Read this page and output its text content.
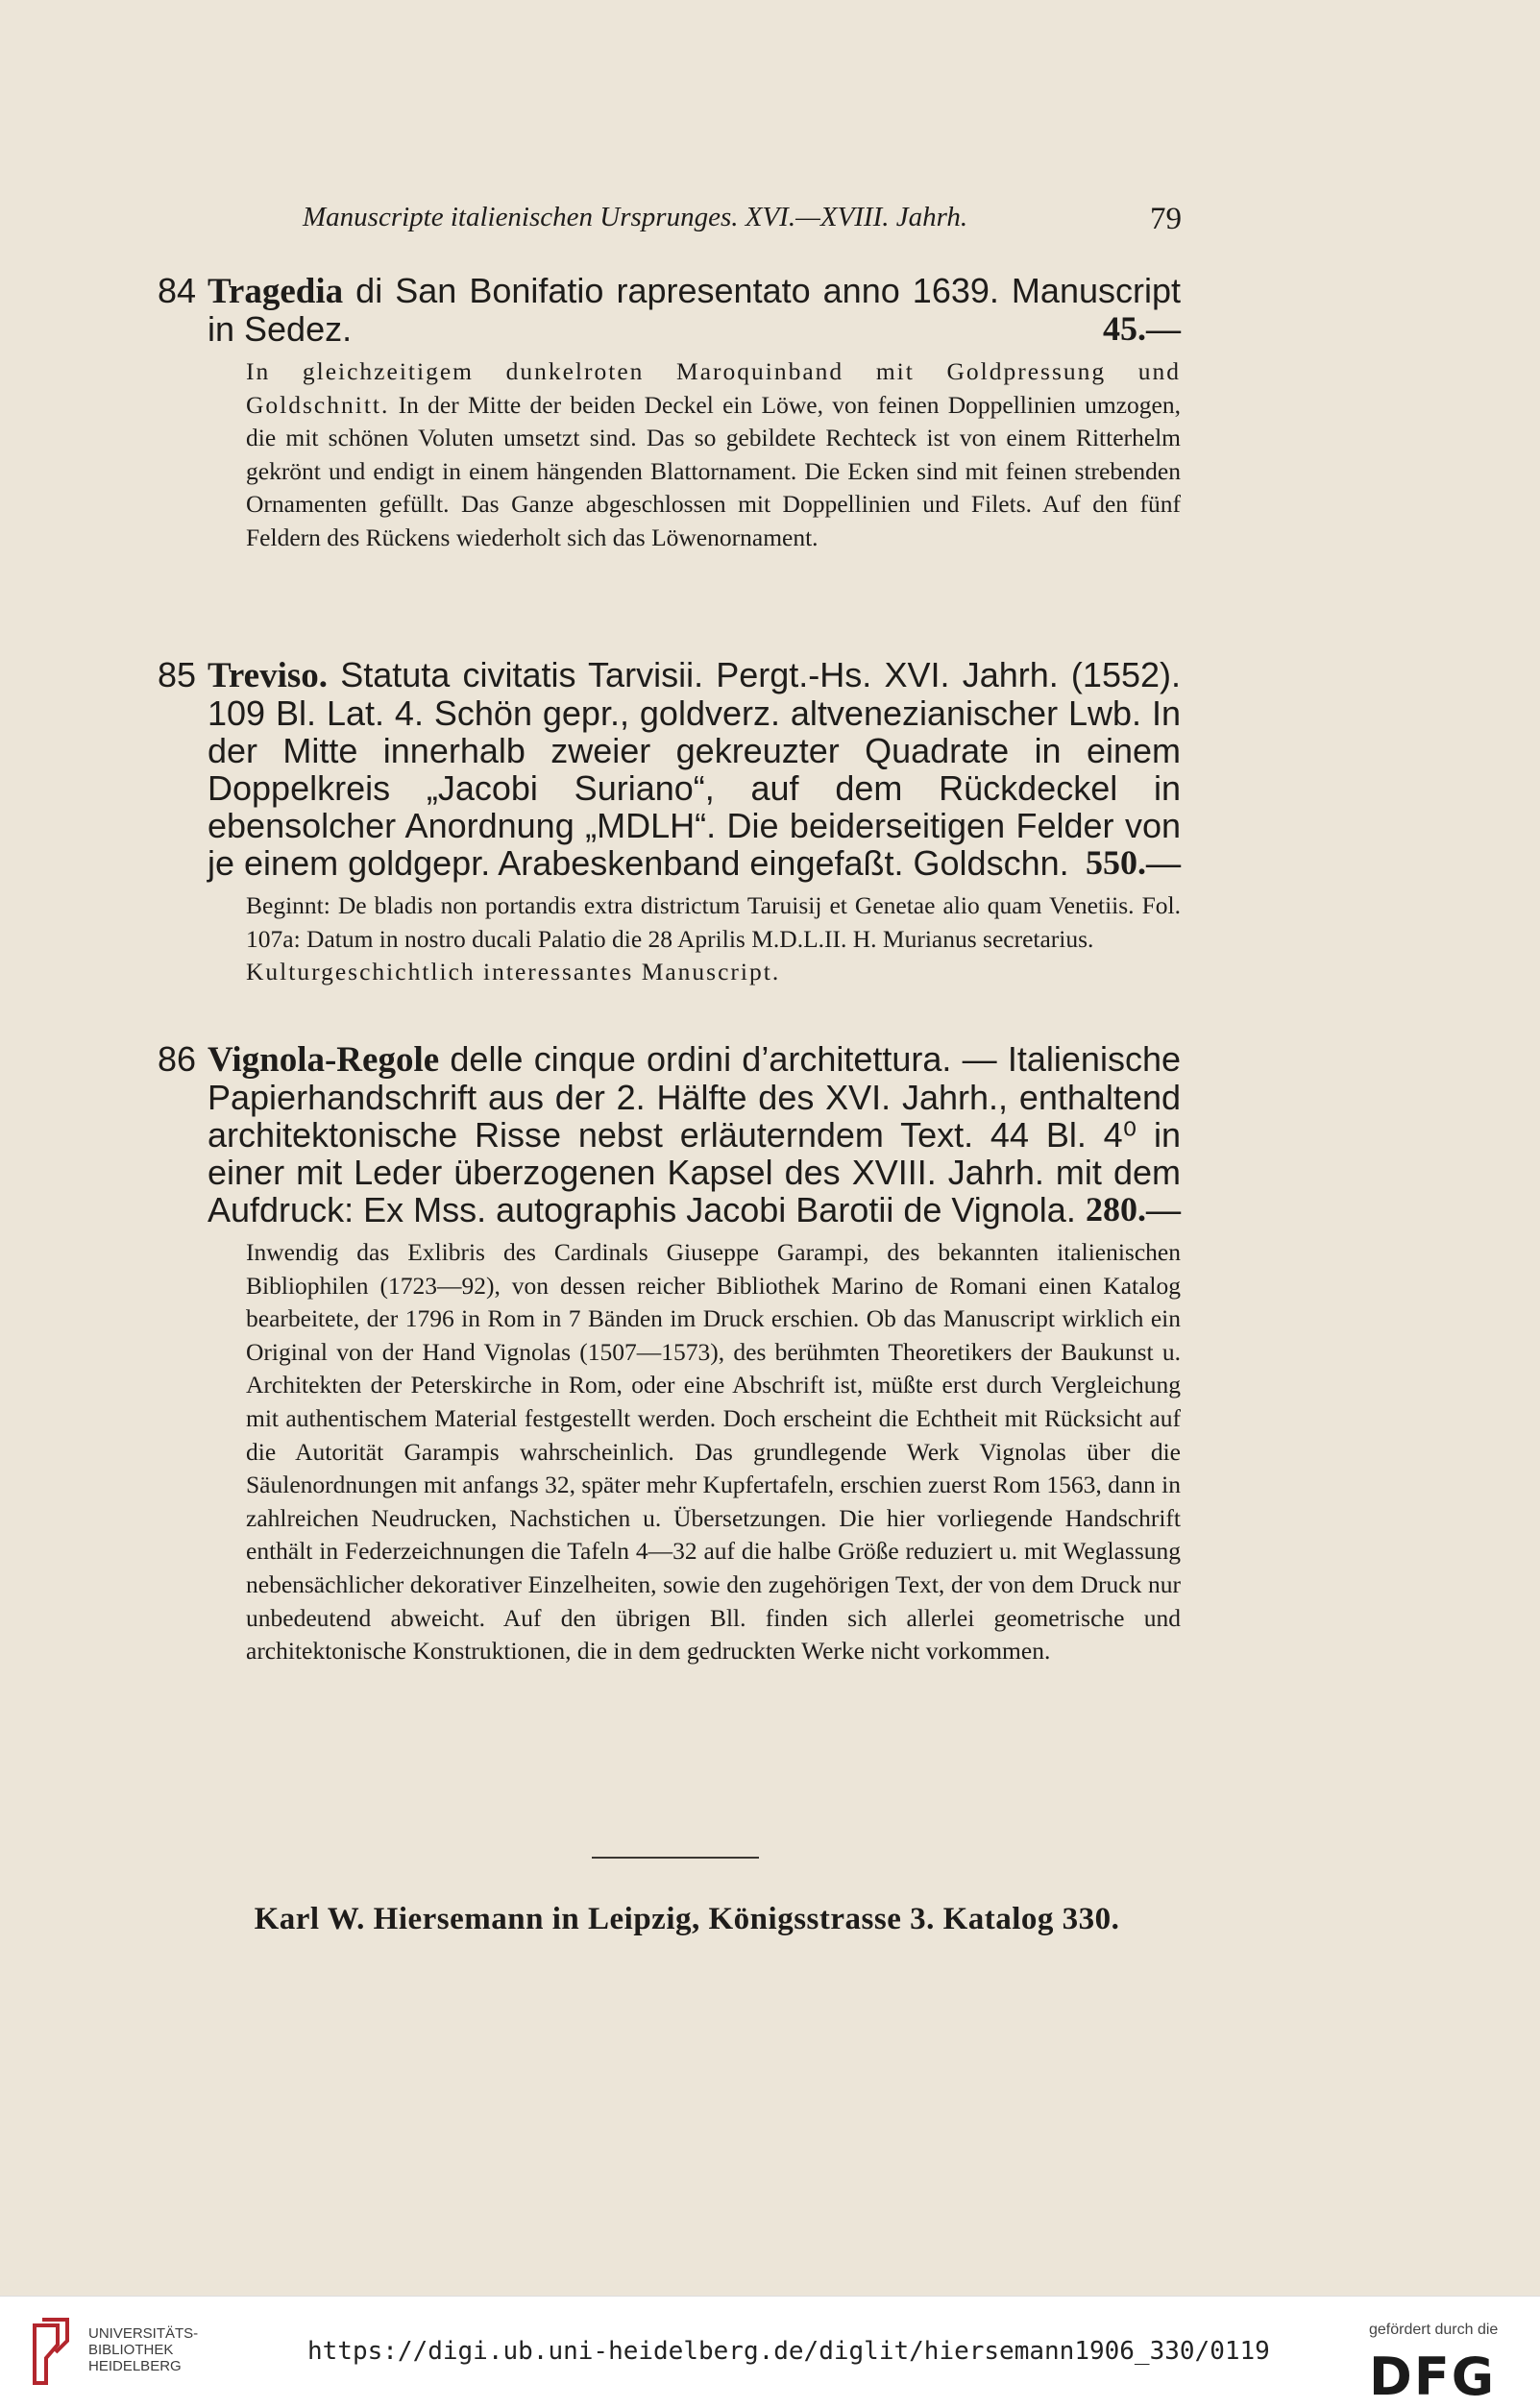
Manuscripte italienischen Ursprunges. XVI.—XVIII. Jahrh.	79
84 Tragedia di San Bonifatio rapresentato anno 1639. Manuscript in Sedez.	45.—
In gleichzeitigem dunkelroten Maroquinband mit Goldpressung und Goldschnitt. In der Mitte der beiden Deckel ein Löwe, von feinen Doppellinien umzogen, die mit schönen Voluten umsetzt sind. Das so gebildete Rechteck ist von einem Ritterhelm gekrönt und endigt in einem hängenden Blattornament. Die Ecken sind mit feinen strebenden Ornamenten gefüllt. Das Ganze abgeschlossen mit Doppellinien und Filets. Auf den fünf Feldern des Rückens wiederholt sich das Löwenornament.
85 Treviso. Statuta civitatis Tarvisii. Pergt.-Hs. XVI. Jahrh. (1552). 109 Bl. Lat. 4. Schön gepr., goldverz. altvenezianischer Lwb. In der Mitte innerhalb zweier gekreuzter Quadrate in einem Doppelkreis „Jacobi Suriano“, auf dem Rückdeckel in ebensolcher Anordnung „MDLH“. Die beiderseitigen Felder von je einem goldgepr. Arabeskenband eingefaßt. Goldschn. 550.—
Beginnt: De bladis non portandis extra districtum Taruisij et Genetae alio quam Venetiis. Fol. 107a: Datum in nostro ducali Palatio die 28 Aprilis M.D.L.II. H. Murianus secretarius.
Kulturgeschichtlich interessantes Manuscript.
86 Vignola-Regole delle cinque ordini d’architettura. — Italienische Papierhandschrift aus der 2. Hälfte des XVI. Jahrh., enthaltend architektonische Risse nebst erläuterndem Text. 44 Bl. 4⁰ in einer mit Leder überzogenen Kapsel des XVIII. Jahrh. mit dem Aufdruck: Ex Mss. autographis Jacobi Barotii de Vignola. 280.—
Inwendig das Exlibris des Cardinals Giuseppe Garampi, des bekannten italienischen Bibliophilen (1723—92), von dessen reicher Bibliothek Marino de Romani einen Katalog bearbeitete, der 1796 in Rom in 7 Bänden im Druck erschien. Ob das Manuscript wirklich ein Original von der Hand Vignolas (1507—1573), des berühmten Theoretikers der Baukunst u. Architekten der Peterskirche in Rom, oder eine Abschrift ist, müßte erst durch Vergleichung mit authentischem Material festgestellt werden. Doch erscheint die Echtheit mit Rücksicht auf die Autorität Garampis wahrscheinlich. Das grundlegende Werk Vignolas über die Säulenordnungen mit anfangs 32, später mehr Kupfertafeln, erschien zuerst Rom 1563, dann in zahlreichen Neudrucken, Nachstichen u. Übersetzungen. Die hier vorliegende Handschrift enthält in Federzeichnungen die Tafeln 4—32 auf die halbe Größe reduziert u. mit Weglassung nebensächlicher dekorativer Einzelheiten, sowie den zugehörigen Text, der von dem Druck nur unbedeutend abweicht. Auf den übrigen Bll. finden sich allerlei geometrische und architektonische Konstruktionen, die in dem gedruckten Werke nicht vorkommen.
Karl W. Hiersemann in Leipzig, Königsstrasse 3. Katalog 330.
UNIVERSITÄTS-
BIBLIOTHEK
HEIDELBERG
https://digi.ub.uni-heidelberg.de/diglit/hiersemann1906_330/0119
gefördert durch die
DFG
